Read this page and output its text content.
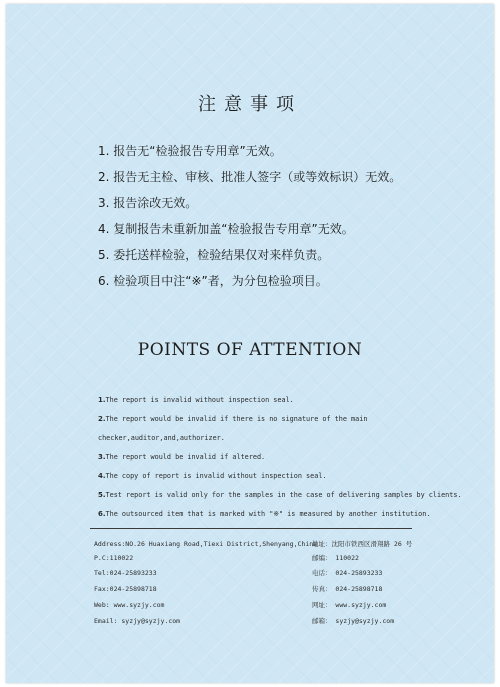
注意事项
1. 报告无“检验报告专用章”无效。
2. 报告无主检、审核、批准人签字（或等效标识）无效。
3. 报告涂改无效。
4. 复制报告未重新加盖“检验报告专用章”无效。
5. 委托送样检验，检验结果仅对来样负责。
6. 检验项目中注“※”者，为分包检验项目。
POINTS OF ATTENTION
1.The report is invalid without inspection seal.
2.The report would be invalid if there is no signature of the main
checker,auditor,and,authorizer.
3.The report would be invalid if altered.
4.The copy of report is invalid without inspection seal.
5.Test report is valid only for the samples in the case of delivering samples by clients.
6.The outsourced item that is marked with "※" is measured by another institution.
Address:NO.26 Huaxiang Road,Tiexi District,Shenyang,China
P.C:110022
Tel:024-25893233
Fax:024-25898718
Web: www.syzjy.com
Email: syzjy@syzjy.com
地址：沈阳市铁西区滑翔路 26 号
邮编： 110022
电话： 024-25893233
传真： 024-25898718
网址： www.syzjy.com
邮箱： syzjy@syzjy.com
